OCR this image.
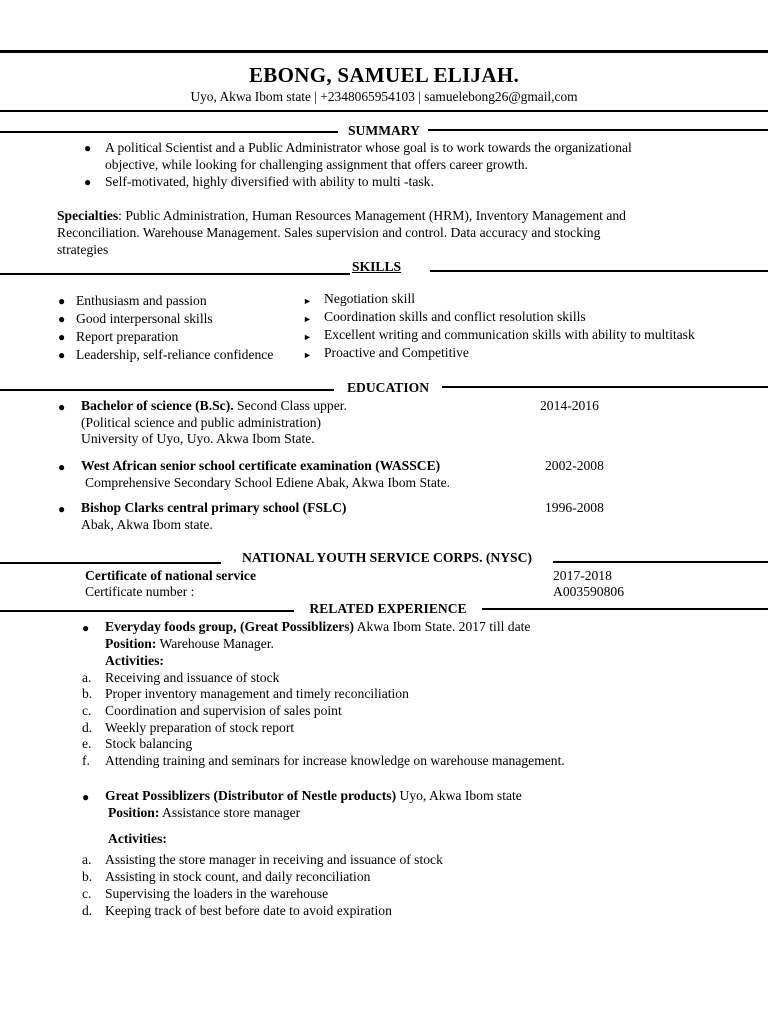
EBONG, SAMUEL ELIJAH.
Uyo, Akwa Ibom state | +2348065954103 | samuelebong26@gmail,com
SUMMARY
● A political Scientist and a Public Administrator whose goal is to work towards the organizational
objective, while looking for challenging assignment that offers career growth.
● Self-motivated, highly diversified with ability to multi -task.
Specialties: Public Administration, Human Resources Management (HRM), Inventory Management and
Reconciliation. Warehouse Management. Sales supervision and control. Data accuracy and stocking
strategies
SKILLS
● Enthusiasm and passion
● Good interpersonal skills
● Report preparation
● Leadership, self-reliance confidence
► Negotiation skill
► Coordination skills and conflict resolution skills
► Excellent writing and communication skills with ability to multitask
► Proactive and Competitive
EDUCATION
● Bachelor of science (B.Sc). Second Class upper.	2014-2016
(Political science and public administration)
University of Uyo, Uyo. Akwa Ibom State.
● West African senior school certificate examination (WASSCE)	2002-2008
Comprehensive Secondary School Ediene Abak, Akwa Ibom State.
● Bishop Clarks central primary school (FSLC)	1996-2008
Abak, Akwa Ibom state.
NATIONAL YOUTH SERVICE CORPS. (NYSC)
Certificate of national service	2017-2018
Certificate number :	A003590806
RELATED EXPERIENCE
● Everyday foods group, (Great Possiblizers) Akwa Ibom State. 2017 till date
Position: Warehouse Manager.
Activities:
a. Receiving and issuance of stock
b. Proper inventory management and timely reconciliation
c. Coordination and supervision of sales point
d. Weekly preparation of stock report
e. Stock balancing
f. Attending training and seminars for increase knowledge on warehouse management.
● Great Possiblizers (Distributor of Nestle products) Uyo, Akwa Ibom state
Position: Assistance store manager
Activities:
a. Assisting the store manager in receiving and issuance of stock
b. Assisting in stock count, and daily reconciliation
c. Supervising the loaders in the warehouse
d. Keeping track of best before date to avoid expiration
